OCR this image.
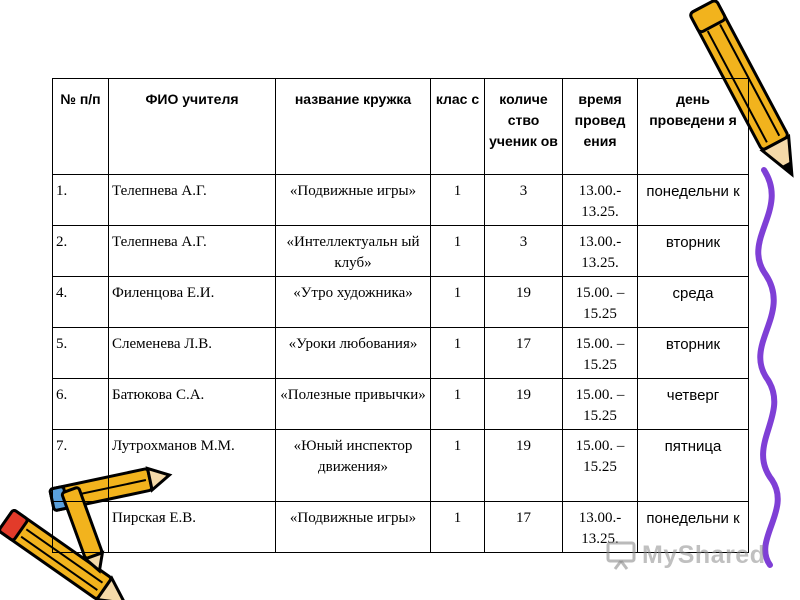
№ п/п	ФИО учителя	название кружка	клас с	количе ство ученик ов	время провед ения	день проведени я
1.	Телепнева А.Г.	«Подвижные игры»	1	3	13.00.- 13.25.	понедельни к
2.	Телепнева А.Г.	«Интеллектуальн ый клуб»	1	3	13.00.- 13.25.	вторник
4.	Филенцова Е.И.	«Утро художника»	1	19	15.00. – 15.25	среда
5.	Слеменева Л.В.	«Уроки любования»	1	17	15.00. – 15.25	вторник
6.	Батюкова С.А.	«Полезные привычки»	1	19	15.00. – 15.25	четверг
7.	Лутрохманов М.М.	«Юный инспектор движения»	1	19	15.00. – 15.25	пятница
	Пирская Е.В.	«Подвижные игры»	1	17	13.00.- 13.25.	понедельни к
MyShared
